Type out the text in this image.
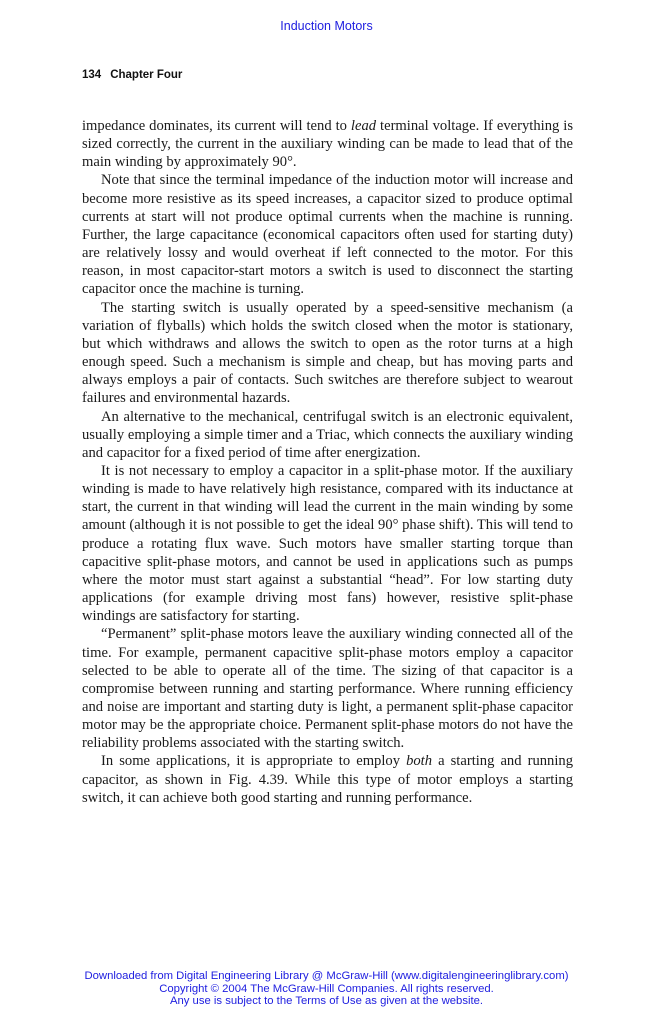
Induction Motors
134 Chapter Four

impedance dominates, its current will tend to lead terminal voltage. If everything is sized correctly, the current in the auxiliary winding can be made to lead that of the main winding by approximately 90°.

Note that since the terminal impedance of the induction motor will increase and become more resistive as its speed increases, a capacitor sized to produce optimal currents at start will not produce optimal currents when the machine is running. Further, the large capacitance (economical capacitors often used for starting duty) are relatively lossy and would overheat if left connected to the motor. For this reason, in most capacitor-start motors a switch is used to disconnect the starting capacitor once the machine is turning.

The starting switch is usually operated by a speed-sensitive mechanism (a variation of flyballs) which holds the switch closed when the motor is stationary, but which withdraws and allows the switch to open as the rotor turns at a high enough speed. Such a mechanism is simple and cheap, but has moving parts and always employs a pair of contacts. Such switches are therefore subject to wearout failures and environmental hazards.

An alternative to the mechanical, centrifugal switch is an electronic equivalent, usually employing a simple timer and a Triac, which connects the auxiliary winding and capacitor for a fixed period of time after energization.

It is not necessary to employ a capacitor in a split-phase motor. If the auxiliary winding is made to have relatively high resistance, compared with its inductance at start, the current in that winding will lead the current in the main winding by some amount (although it is not possible to get the ideal 90° phase shift). This will tend to produce a rotating flux wave. Such motors have smaller starting torque than capacitive split-phase motors, and cannot be used in applications such as pumps where the motor must start against a substantial “head”. For low starting duty applications (for example driving most fans) however, resistive split-phase windings are satisfactory for starting.

“Permanent” split-phase motors leave the auxiliary winding connected all of the time. For example, permanent capacitive split-phase motors employ a capacitor selected to be able to operate all of the time. The sizing of that capacitor is a compromise between running and starting performance. Where running efficiency and noise are important and starting duty is light, a permanent split-phase capacitor motor may be the appropriate choice. Permanent split-phase motors do not have the reliability problems associated with the starting switch.

In some applications, it is appropriate to employ both a starting and running capacitor, as shown in Fig. 4.39. While this type of motor employs a starting switch, it can achieve both good starting and running performance.

Downloaded from Digital Engineering Library @ McGraw-Hill (www.digitalengineeringlibrary.com)
Copyright © 2004 The McGraw-Hill Companies. All rights reserved.
Any use is subject to the Terms of Use as given at the website.
